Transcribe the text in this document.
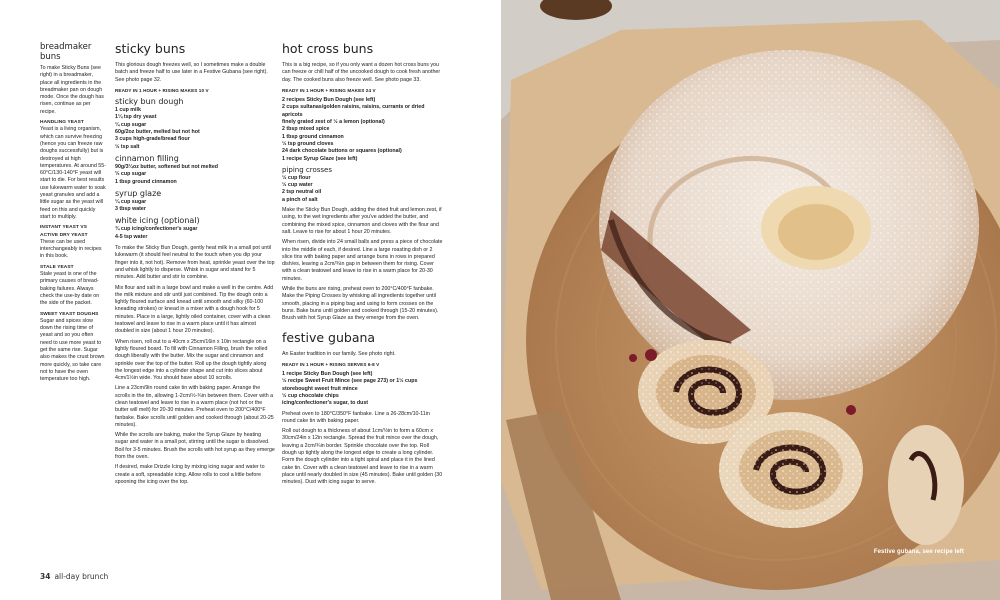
breadmaker buns

To make Sticky Buns (see right) in a breadmaker, place all ingredients in the breadmaker pan on dough mode. Once the dough has risen, continue as per recipe.

HANDLING YEAST

Yeast is a living organism, which can survive freezing (hence you can freeze raw doughs successfully) but is destroyed at high temperatures. At around 55-60°C/130-140°F yeast will start to die. For best results use lukewarm water to soak yeast granules and add a little sugar as the yeast will feed on this and quickly start to multiply.

INSTANT YEAST VS ACTIVE DRY YEAST

These can be used interchangeably in recipes in this book.

STALE YEAST

Stale yeast is one of the primary causes of bread-baking failures. Always check the use-by date on the side of the packet.

SWEET YEAST DOUGHS

Sugar and spices slow down the rising time of yeast and so you often need to use more yeast to get the same rise. Sugar also makes the crust brown more quickly, so take care not to have the oven temperature too high.

sticky buns

This glorious dough freezes well, so I sometimes make a double batch and freeze half to use later in a Festive Gubana (see right). See photo page 32.

READY IN 1 HOUR + RISING MAKES 10 V
sticky bun dough
1 cup milk
1¼ tsp dry yeast
¼ cup sugar
60g/2oz butter, melted but not hot
3 cups high-grade/bread flour
½ tsp salt
cinnamon filling
90g/3¼oz butter, softened but not melted
⅓ cup sugar
1 tbsp ground cinnamon
syrup glaze
¼ cup sugar
3 tbsp water
white icing (optional)
¾ cup icing/confectioner's sugar
4-5 tsp water

To make the Sticky Bun Dough, gently heat milk in a small pot until lukewarm (it should feel neutral to the touch when you dip your finger into it, not hot). Remove from heat, sprinkle yeast over the top and whisk lightly to disperse. Whisk in sugar and stand for 5 minutes. Add butter and stir to combine.

Mix flour and salt in a large bowl and make a well in the centre. Add the milk mixture and stir until just combined. Tip the dough onto a lightly floured surface and knead until smooth and silky (60-100 kneading strokes) or knead in a mixer with a dough hook for 5 minutes. Place in a large, lightly oiled container, cover with a clean teatowel and leave to rise in a warm place until it has almost doubled in size (about 1 hour 20 minutes).

When risen, roll out to a 40cm x 25cm/16in x 10in rectangle on a lightly floured board. To fill with Cinnamon Filling, brush the rolled dough liberally with the butter. Mix the sugar and cinnamon and sprinkle over the top of the butter. Roll up the dough tightly along the longest edge into a cylinder shape and cut into slices about 4cm/1½in wide. You should have about 10 scrolls.

Line a 23cm/9in round cake tin with baking paper. Arrange the scrolls in the tin, allowing 1-2cm/½-¾in between them. Cover with a clean teatowel and leave to rise in a warm place (not hot or the butter will melt) for 20-30 minutes. Preheat oven to 200°C/400°F fanbake. Bake scrolls until golden and cooked through (about 20-25 minutes).

While the scrolls are baking, make the Syrup Glaze by heating sugar and water in a small pot, stirring until the sugar is dissolved. Boil for 3-5 minutes. Brush the scrolls with hot syrup as they emerge from the oven.

If desired, make Drizzle Icing by mixing icing sugar and water to create a soft, spreadable icing. Allow rolls to cool a little before spooning the icing over the top.

hot cross buns

This is a big recipe, so if you only want a dozen hot cross buns you can freeze or chill half of the uncooked dough to cook fresh another day. The cooked buns also freeze well. See photo page 33.

READY IN 1 HOUR + RISING MAKES 24 V
2 recipes Sticky Bun Dough (see left)
2 cups sultanas/golden raisins, raisins, currants or dried apricots
finely grated zest of ½ a lemon (optional)
2 tbsp mixed spice
1 tbsp ground cinnamon
½ tsp ground cloves
24 dark chocolate buttons or squares (optional)
1 recipe Syrup Glaze (see left)
piping crosses
½ cup flour
½ cup water
2 tsp neutral oil
a pinch of salt

Make the Sticky Bun Dough, adding the dried fruit and lemon zest, if using, to the wet ingredients after you've added the butter, and combining the mixed spice, cinnamon and cloves with the flour and salt. Leave to rise for about 1 hour 20 minutes.

When risen, divide into 24 small balls and press a piece of chocolate into the middle of each, if desired. Line a large roasting dish or 2 slice tins with baking paper and arrange buns in rows in prepared dish/es, leaving a 2cm/¾in gap in between them for rising. Cover with a clean teatowel and leave to rise in a warm place for 20-30 minutes.

While the buns are rising, preheat oven to 200°C/400°F fanbake. Make the Piping Crosses by whisking all ingredients together until smooth, placing in a piping bag and using to form crosses on the buns. Bake buns until golden and cooked through (15-20 minutes). Brush with hot Syrup Glaze as they emerge from the oven.

festive gubana

An Easter tradition in our family. See photo right.

READY IN 1 HOUR + RISING SERVES 6-8 V
1 recipe Sticky Bun Dough (see left)
½ recipe Sweet Fruit Mince (see page 273) or 1½ cups storebought sweet fruit mince
½ cup chocolate chips
icing/confectioner's sugar, to dust

Preheat oven to 180°C/350°F fanbake. Line a 26-28cm/10-11in round cake tin with baking paper.

Roll out dough to a thickness of about 1cm/½in to form a 60cm x 30cm/24in x 12in rectangle. Spread the fruit mince over the dough, leaving a 2cm/¾in border. Sprinkle chocolate over the top. Roll dough up tightly along the longest edge to create a long cylinder. Form the dough cylinder into a tight spiral and place it in the lined cake tin. Cover with a clean teatowel and leave to rise in a warm place until nearly doubled in size (45 minutes). Bake until golden (30 minutes). Dust with icing sugar to serve.

34 all-day brunch
Festive gubana, see recipe left
